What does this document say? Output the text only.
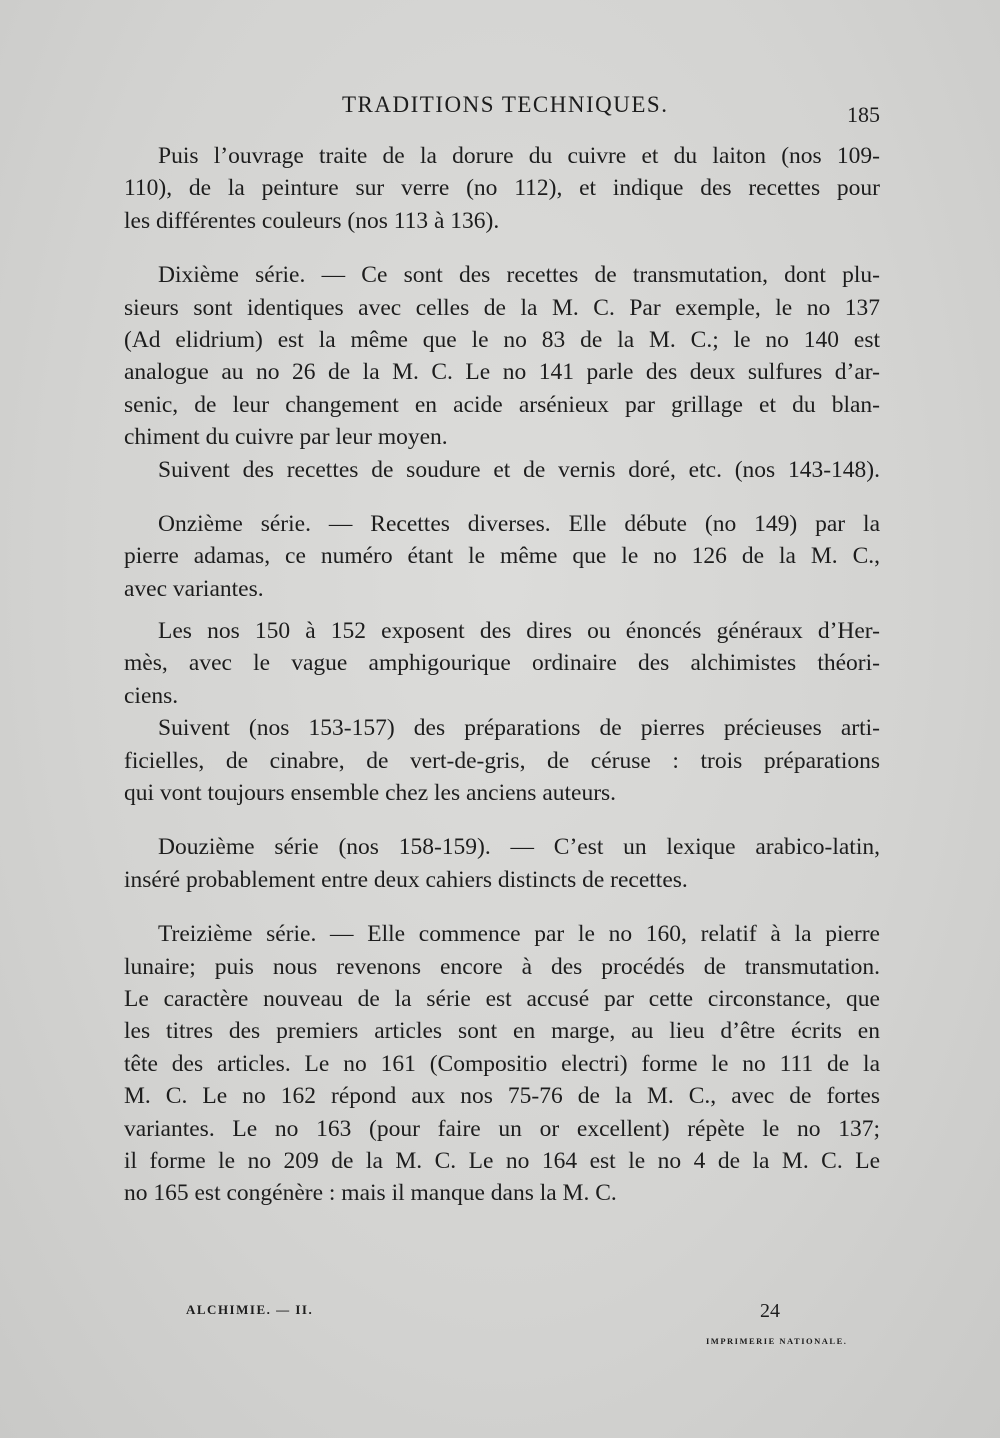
TRADITIONS TECHNIQUES.	185
Puis l’ouvrage traite de la dorure du cuivre et du laiton (nos 109-
110), de la peinture sur verre (no 112), et indique des recettes pour
les différentes couleurs (nos 113 à 136).
Dixième série. — Ce sont des recettes de transmutation, dont plu-
sieurs sont identiques avec celles de la M. C. Par exemple, le no 137
(Ad elidrium) est la même que le no 83 de la M. C.; le no 140 est
analogue au no 26 de la M. C. Le no 141 parle des deux sulfures d’ar-
senic, de leur changement en acide arsénieux par grillage et du blan-
chiment du cuivre par leur moyen.
Suivent des recettes de soudure et de vernis doré, etc. (nos 143-148).
Onzième série. — Recettes diverses. Elle débute (no 149) par la
pierre adamas, ce numéro étant le même que le no 126 de la M. C.,
avec variantes.
Les nos 150 à 152 exposent des dires ou énoncés généraux d’Her-
mès, avec le vague amphigourique ordinaire des alchimistes théori-
ciens.
Suivent (nos 153-157) des préparations de pierres précieuses arti-
ficielles, de cinabre, de vert-de-gris, de céruse : trois préparations
qui vont toujours ensemble chez les anciens auteurs.
Douzième série (nos 158-159). — C’est un lexique arabico-latin,
inséré probablement entre deux cahiers distincts de recettes.
Treizième série. — Elle commence par le no 160, relatif à la pierre
lunaire; puis nous revenons encore à des procédés de transmutation.
Le caractère nouveau de la série est accusé par cette circonstance, que
les titres des premiers articles sont en marge, au lieu d’être écrits en
tête des articles. Le no 161 (Compositio electri) forme le no 111 de la
M. C. Le no 162 répond aux nos 75-76 de la M. C., avec de fortes
variantes. Le no 163 (pour faire un or excellent) répète le no 137;
il forme le no 209 de la M. C. Le no 164 est le no 4 de la M. C. Le
no 165 est congénère : mais il manque dans la M. C.
ALCHIMIE. — II.	24
IMPRIMERIE NATIONALE.
